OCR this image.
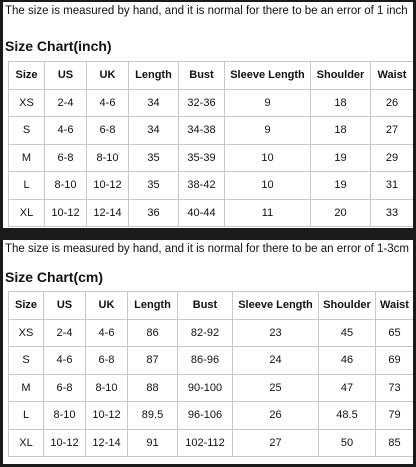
The size is measured by hand, and it is normal for there to be an error of 1 inch
Size Chart(inch)
Size	US	UK	Length	Bust	Sleeve Length	Shoulder	Waist
XS	2-4	4-6	34	32-36	9	18	26
S	4-6	6-8	34	34-38	9	18	27
M	6-8	8-10	35	35-39	10	19	29
L	8-10	10-12	35	38-42	10	19	31
XL	10-12	12-14	36	40-44	11	20	33
The size is measured by hand, and it is normal for there to be an error of 1-3cm
Size Chart(cm)
Size	US	UK	Length	Bust	Sleeve Length	Shoulder	Waist
XS	2-4	4-6	86	82-92	23	45	65
S	4-6	6-8	87	86-96	24	46	69
M	6-8	8-10	88	90-100	25	47	73
L	8-10	10-12	89.5	96-106	26	48.5	79
XL	10-12	12-14	91	102-112	27	50	85
